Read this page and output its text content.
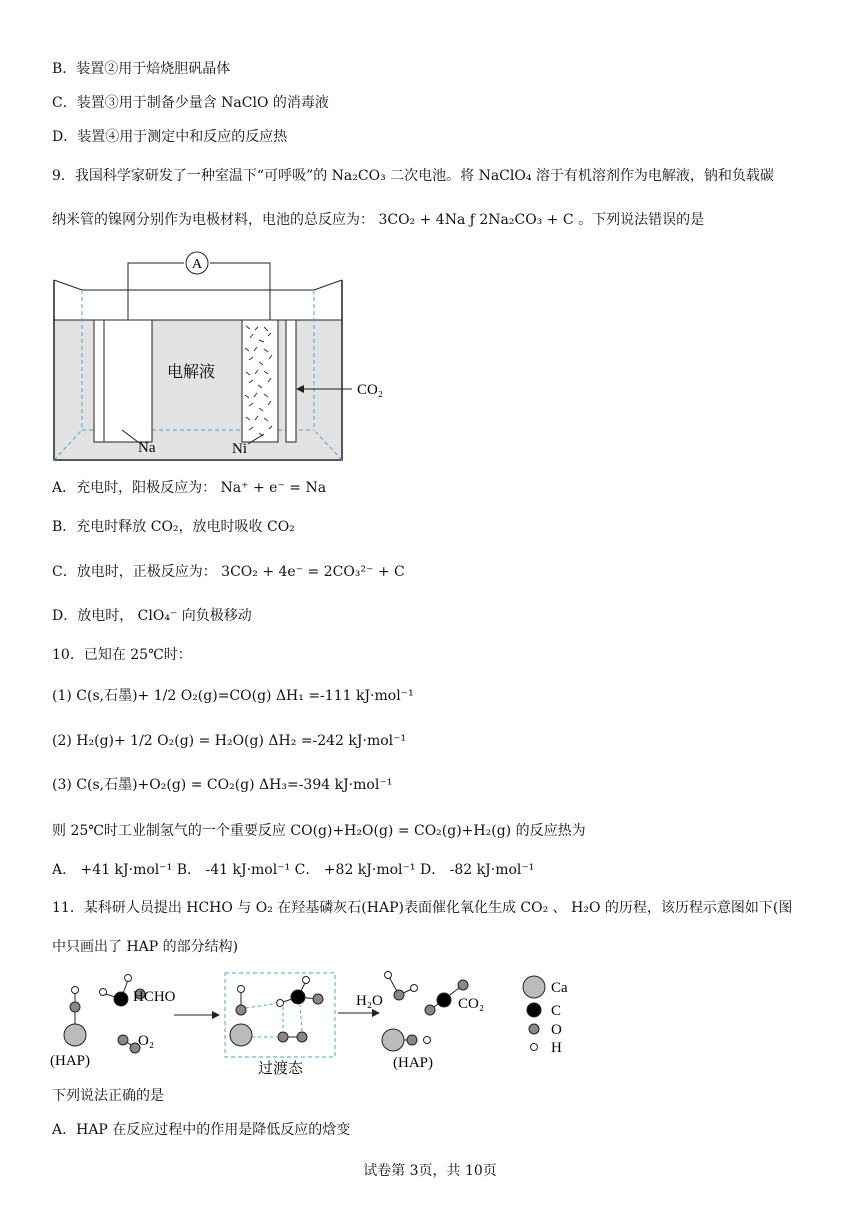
B．装置②用于焙烧胆矾晶体
C．装置③用于制备少量含 NaClO 的消毒液
D．装置④用于测定中和反应的反应热
9．我国科学家研发了一种室温下“可呼吸”的 Na₂CO₃ 二次电池。将 NaClO₄ 溶于有机溶剂作为电解液，钠和负载碳
纳米管的镍网分别作为电极材料，电池的总反应为： 3CO₂ + 4Na ƒ 2Na₂CO₃ + C 。下列说法错误的是
A
电解液
Na	Ni
CO₂
A．充电时，阳极反应为： Na⁺ + e⁻ = Na
B．充电时释放 CO₂，放电时吸收 CO₂
C．放电时，正极反应为： 3CO₂ + 4e⁻ = 2CO₃²⁻ + C
D．放电时， ClO₄⁻ 向负极移动
10．已知在 25℃时：
(1) C(s,石墨)+ 1/2 O₂(g)=CO(g) ΔH₁ =-111 kJ·mol⁻¹
(2) H₂(g)+ 1/2 O₂(g) = H₂O(g) ΔH₂ =-242 kJ·mol⁻¹
(3) C(s,石墨)+O₂(g) = CO₂(g) ΔH₃=-394 kJ·mol⁻¹
则 25℃时工业制氢气的一个重要反应 CO(g)+H₂O(g) = CO₂(g)+H₂(g) 的反应热为
A． +41 kJ·mol⁻¹ B． -41 kJ·mol⁻¹ C． +82 kJ·mol⁻¹ D． -82 kJ·mol⁻¹
11．某科研人员提出 HCHO 与 O₂ 在羟基磷灰石(HAP)表面催化氧化生成 CO₂ 、 H₂O 的历程，该历程示意图如下(图
中只画出了 HAP 的部分结构)
HCHO
O₂
(HAP)	过渡态
H₂O	CO₂
(HAP)
Ca
C
O
H
下列说法正确的是
A．HAP 在反应过程中的作用是降低反应的焓变
试卷第 3页，共 10页
